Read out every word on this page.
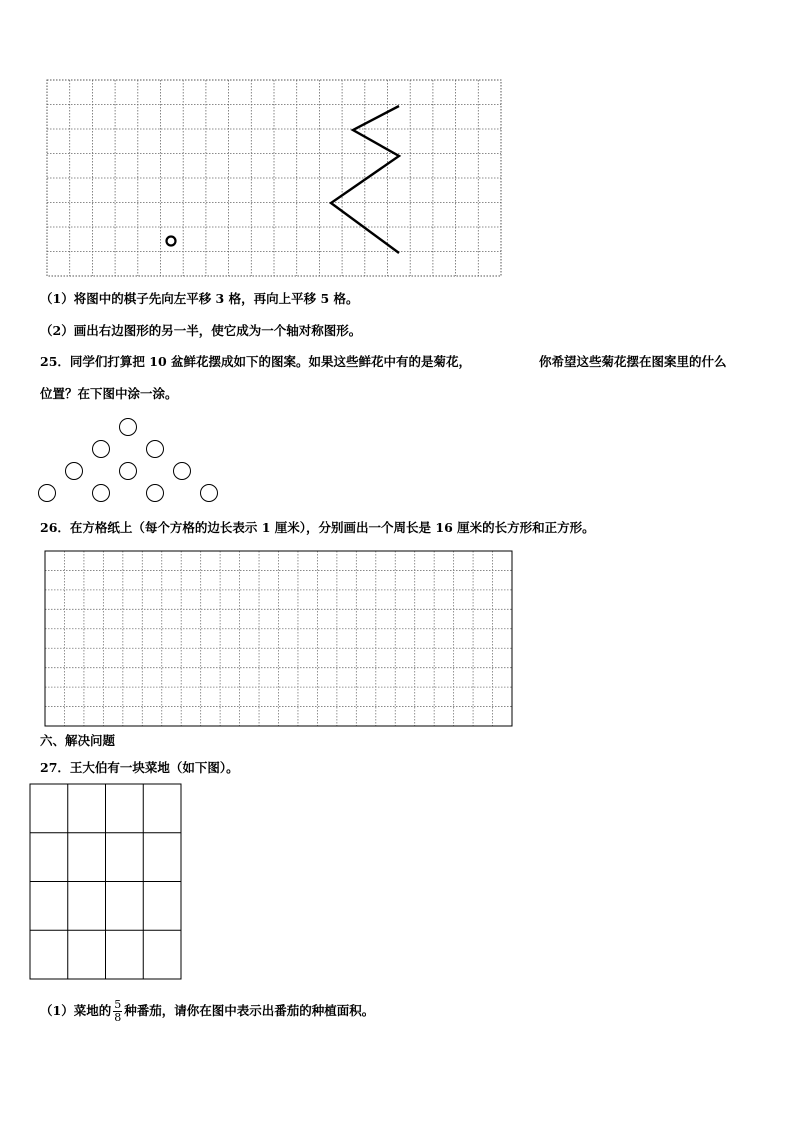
（1）将图中的棋子先向左平移 3 格，再向上平移 5 格。
（2）画出右边图形的另一半，使它成为一个轴对称图形。
25．同学们打算把 10 盆鲜花摆成如下的图案。如果这些鲜花中有的是菊花，	你希望这些菊花摆在图案里的什么
位置？在下图中涂一涂。
26．在方格纸上（每个方格的边长表示 1 厘米），分别画出一个周长是 16 厘米的长方形和正方形。
六、解决问题
27．王大伯有一块菜地（如下图）。
（1）菜地的 $\frac{5}{8}$ 种番茄，请你在图中表示出番茄的种植面积。
